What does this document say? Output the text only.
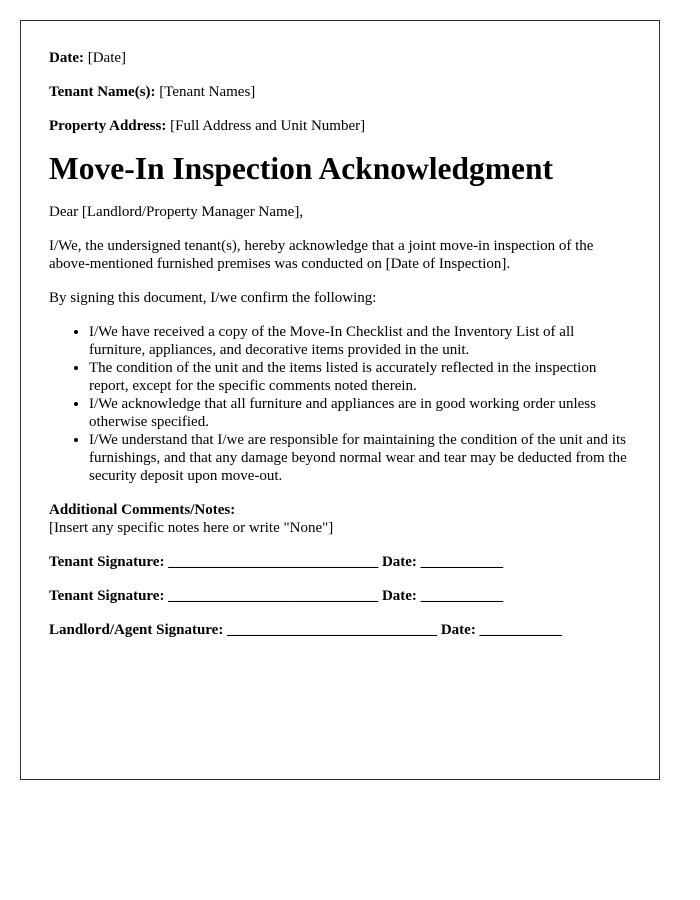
Date: [Date]

Tenant Name(s): [Tenant Names]

Property Address: [Full Address and Unit Number]

Move-In Inspection Acknowledgment

Dear [Landlord/Property Manager Name],

I/We, the undersigned tenant(s), hereby acknowledge that a joint move-in inspection of the above-mentioned furnished premises was conducted on [Date of Inspection].

By signing this document, I/we confirm the following:

• I/We have received a copy of the Move-In Checklist and the Inventory List of all furniture, appliances, and decorative items provided in the unit.
• The condition of the unit and the items listed is accurately reflected in the inspection report, except for the specific comments noted therein.
• I/We acknowledge that all furniture and appliances are in good working order unless otherwise specified.
• I/We understand that I/we are responsible for maintaining the condition of the unit and its furnishings, and that any damage beyond normal wear and tear may be deducted from the security deposit upon move-out.

Additional Comments/Notes:

[Insert any specific notes here or write "None"]

Tenant Signature: ____________________________ Date: ___________

Tenant Signature: ____________________________ Date: ___________

Landlord/Agent Signature: ____________________________ Date: ___________
